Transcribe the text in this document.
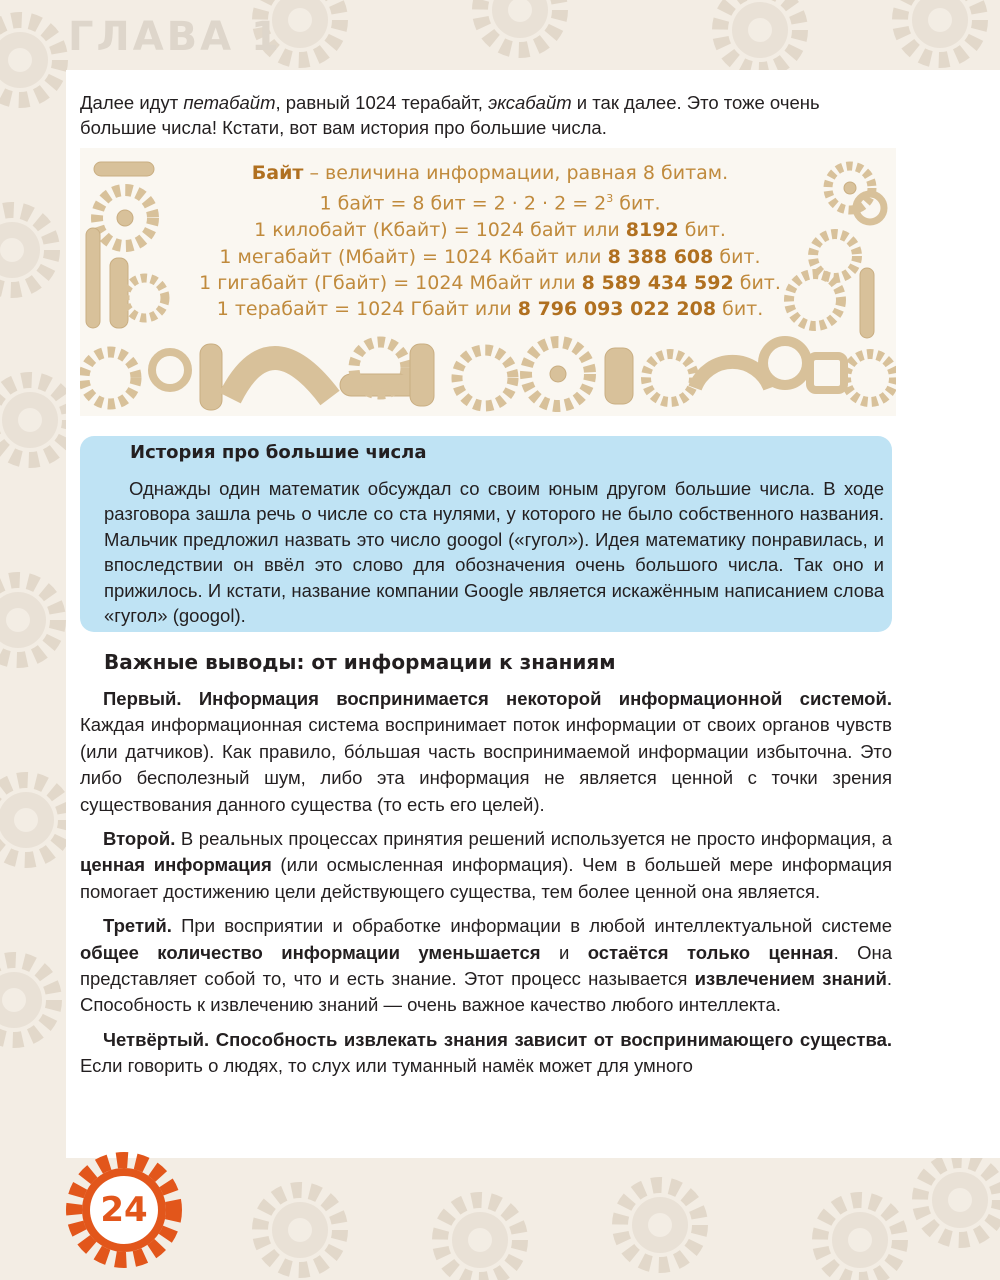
ГЛАВА 1

Далее идут петабайт, равный 1024 терабайт, эксабайт и так далее. Это тоже очень большие числа! Кстати, вот вам история про большие числа.

Байт – величина информации, равная 8 битам.
1 байт = 8 бит = $2 \cdot 2 \cdot 2 = 2^3$ бит.
1 килобайт (Кбайт) = 1024 байт или 8192 бит.
1 мегабайт (Мбайт) = 1024 Кбайт или 8 388 608 бит.
1 гигабайт (Гбайт) = 1024 Мбайт или 8 589 434 592 бит.
1 терабайт = 1024 Гбайт или 8 796 093 022 208 бит.
История про большие числа

Однажды один математик обсуждал со своим юным другом большие числа. В ходе разговора зашла речь о числе со ста нулями, у которого не было собственного названия. Мальчик предложил назвать это число googol («гугол»). Идея математику понравилась, и впоследствии он ввёл это слово для обозначения очень большого числа. Так оно и прижилось. И кстати, название компании Google является искажённым написанием слова «гугол» (googol).

Важные выводы: от информации к знаниям

Первый. Информация воспринимается некоторой информационной системой. Каждая информационная система воспринимает поток информации от своих органов чувств (или датчиков). Как правило, бо́льшая часть воспринимаемой информации избыточна. Это либо бесполезный шум, либо эта информация не является ценной с точки зрения существования данного существа (то есть его целей).

Второй. В реальных процессах принятия решений используется не просто информация, а ценная информация (или осмысленная информация). Чем в большей мере информация помогает достижению цели действующего существа, тем более ценной она является.

Третий. При восприятии и обработке информации в любой интеллектуальной системе общее количество информации уменьшается и остаётся только ценная. Она представляет собой то, что и есть знание. Этот процесс называется извлечением знаний. Способность к извлечению знаний — очень важное качество любого интеллекта.

Четвёртый. Способность извлекать знания зависит от воспринимающего существа. Если говорить о людях, то слух или туманный намёк может для умного

24
